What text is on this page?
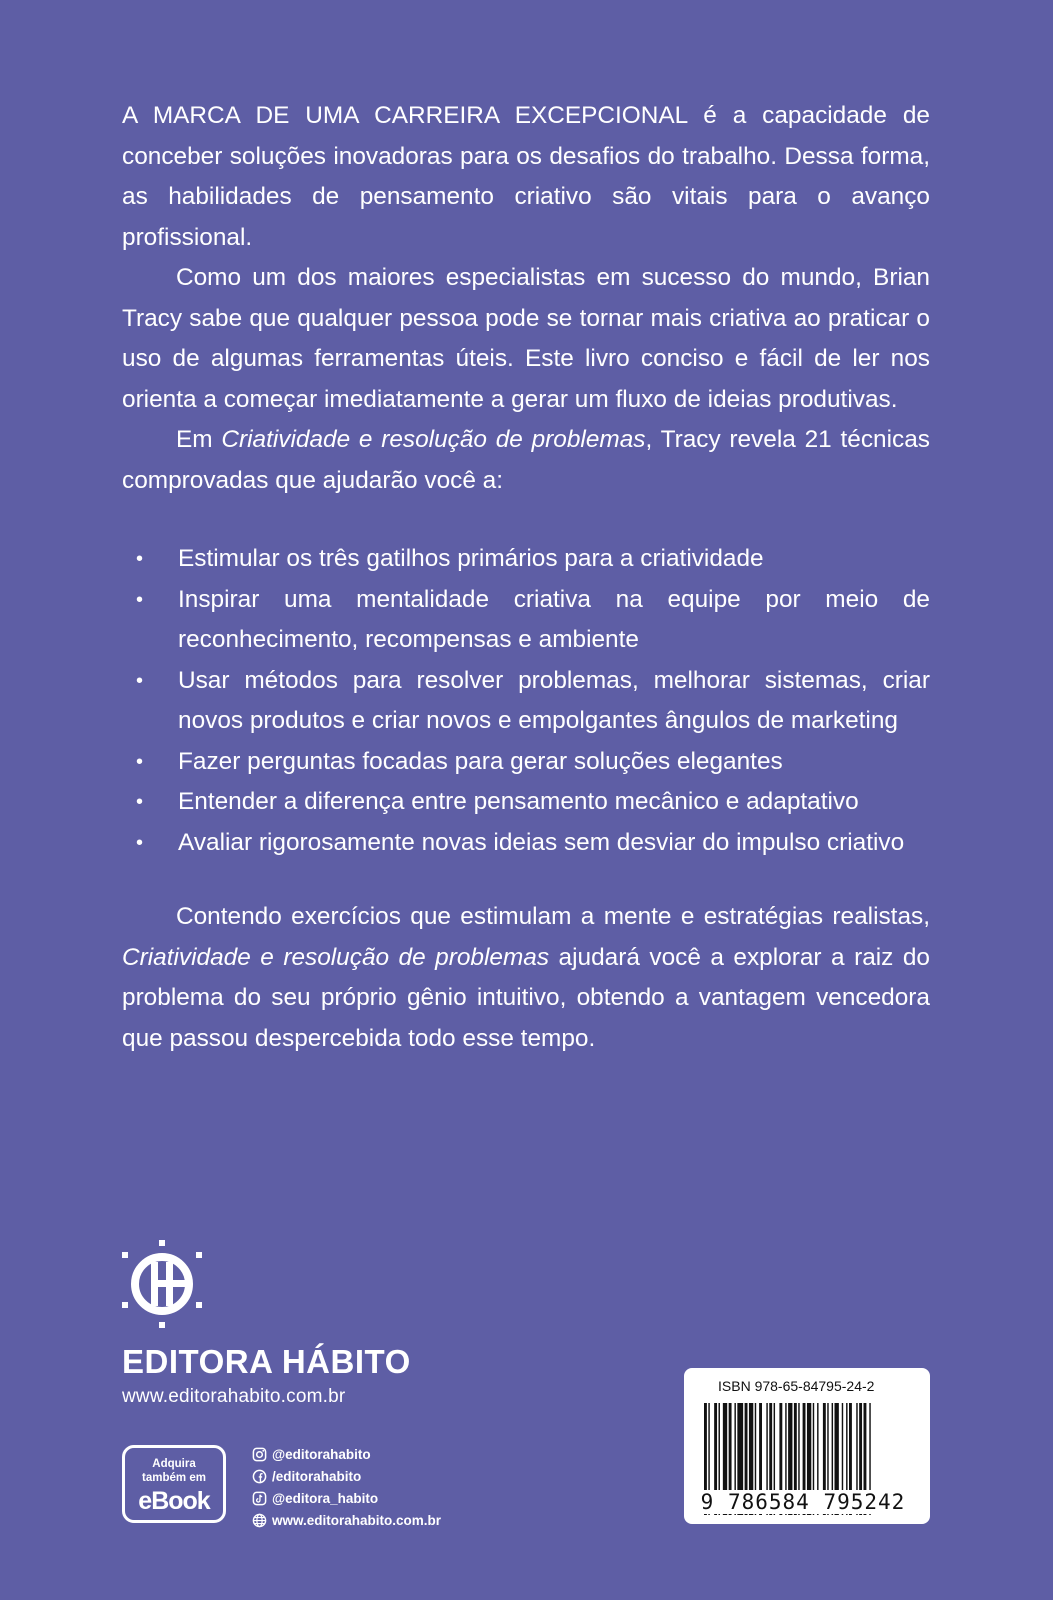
A MARCA DE UMA CARREIRA EXCEPCIONAL é a capacidade de conceber soluções inovadoras para os desafios do trabalho. Dessa forma, as habilidades de pensamento criativo são vitais para o avanço profissional.

Como um dos maiores especialistas em sucesso do mundo, Brian Tracy sabe que qualquer pessoa pode se tornar mais criativa ao praticar o uso de algumas ferramentas úteis. Este livro conciso e fácil de ler nos orienta a começar imediatamente a gerar um fluxo de ideias produtivas.

Em Criatividade e resolução de problemas, Tracy revela 21 técnicas comprovadas que ajudarão você a:

• Estimular os três gatilhos primários para a criatividade
• Inspirar uma mentalidade criativa na equipe por meio de reconhecimento, recompensas e ambiente
• Usar métodos para resolver problemas, melhorar sistemas, criar novos produtos e criar novos e empolgantes ângulos de marketing
• Fazer perguntas focadas para gerar soluções elegantes
• Entender a diferença entre pensamento mecânico e adaptativo
• Avaliar rigorosamente novas ideias sem desviar do impulso criativo

Contendo exercícios que estimulam a mente e estratégias realistas, Criatividade e resolução de problemas ajudará você a explorar a raiz do problema do seu próprio gênio intuitivo, obtendo a vantagem vencedora que passou despercebida todo esse tempo.

EDITORA HÁBITO
www.editorahabito.com.br
Adquira
também em
eBook
@editorahabito
/editorahabito
@editora_habito
www.editorahabito.com.br
ISBN 978-65-84795-24-2
9 786584 795242
